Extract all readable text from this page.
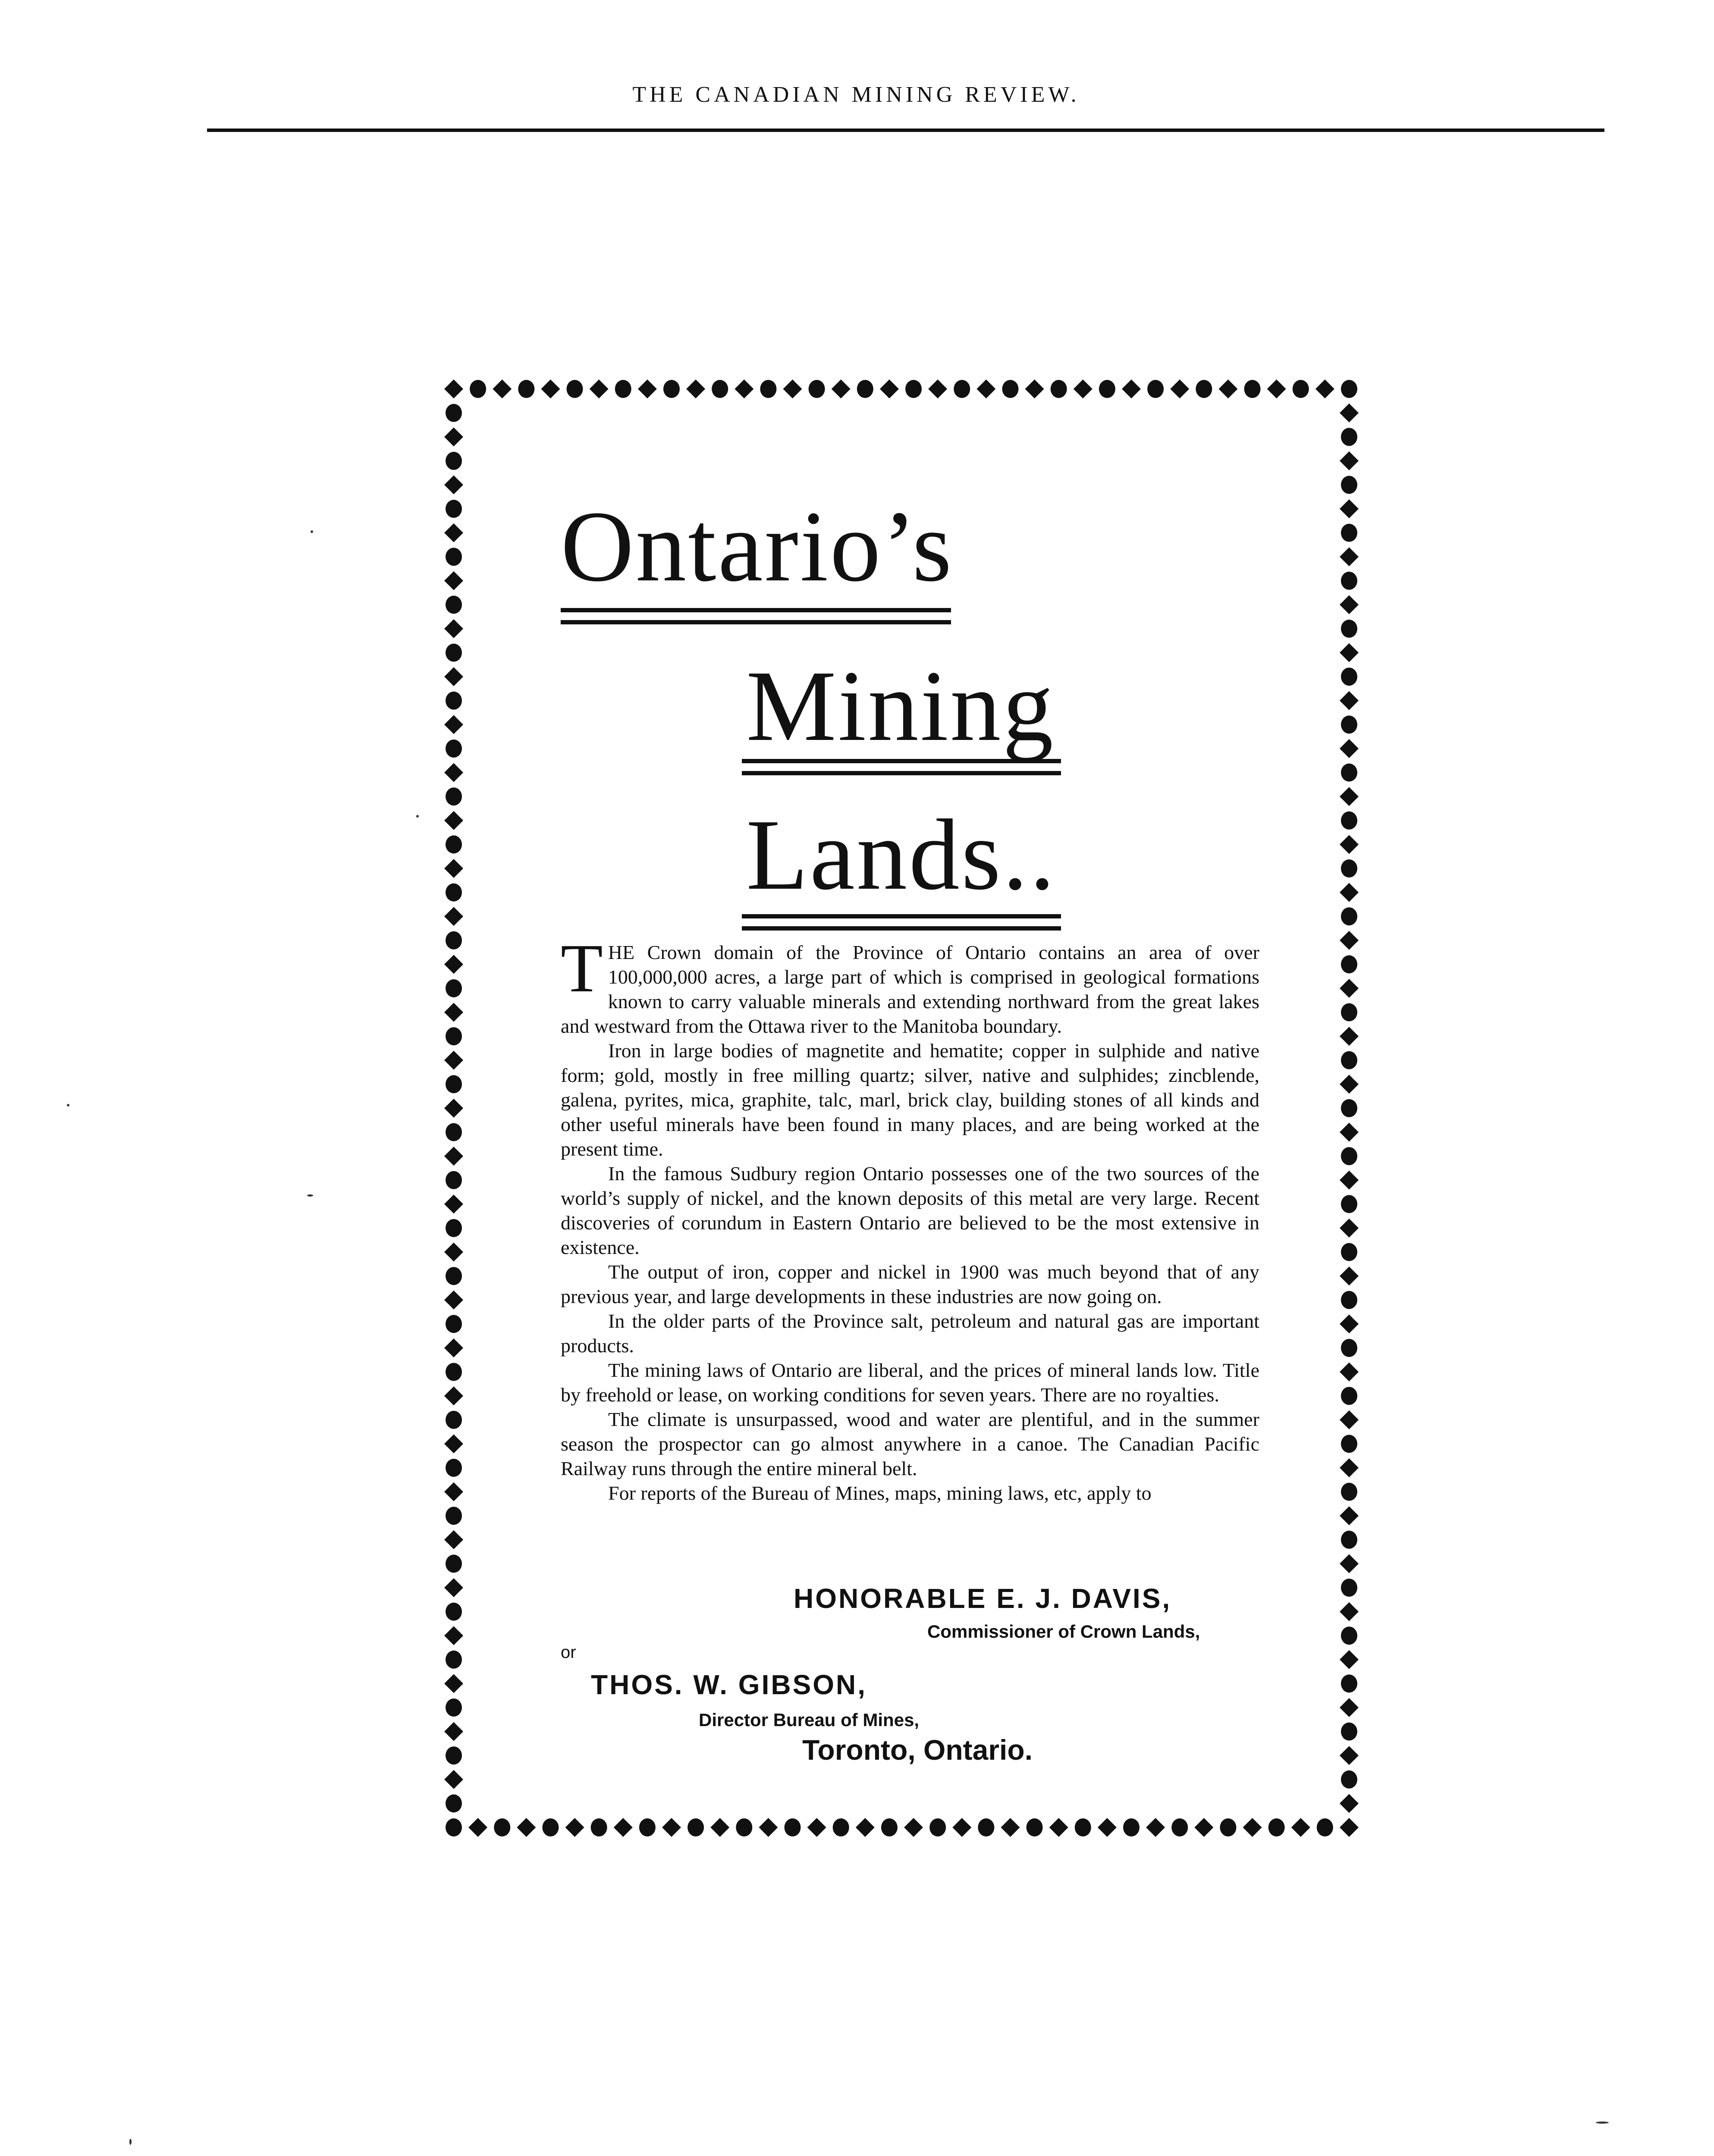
THE CANADIAN MINING REVIEW.
Ontario’s
Mining
Lands..

THE Crown domain of the Province of Ontario contains an area of over 100,000,000 acres, a large part of which is comprised in geological formations known to carry valuable minerals and extending northward from the great lakes and westward from the Ottawa river to the Manitoba boundary.

Iron in large bodies of magnetite and hematite; copper in sulphide and native form; gold, mostly in free milling quartz; silver, native and sulphides; zincblende, galena, pyrites, mica, graphite, talc, marl, brick clay, building stones of all kinds and other useful minerals have been found in many places, and are being worked at the present time.

In the famous Sudbury region Ontario possesses one of the two sources of the world’s supply of nickel, and the known deposits of this metal are very large. Recent discoveries of corundum in Eastern Ontario are believed to be the most extensive in existence.

The output of iron, copper and nickel in 1900 was much beyond that of any previous year, and large developments in these industries are now going on.

In the older parts of the Province salt, petroleum and natural gas are important products.

The mining laws of Ontario are liberal, and the prices of mineral lands low. Title by freehold or lease, on working conditions for seven years. There are no royalties.

The climate is unsurpassed, wood and water are plentiful, and in the summer season the prospector can go almost anywhere in a canoe. The Canadian Pacific Railway runs through the entire mineral belt.

For reports of the Bureau of Mines, maps, mining laws, etc, apply to

HONORABLE E. J. DAVIS,
Commissioner of Crown Lands,
or
THOS. W. GIBSON,
Director Bureau of Mines,
Toronto, Ontario.
